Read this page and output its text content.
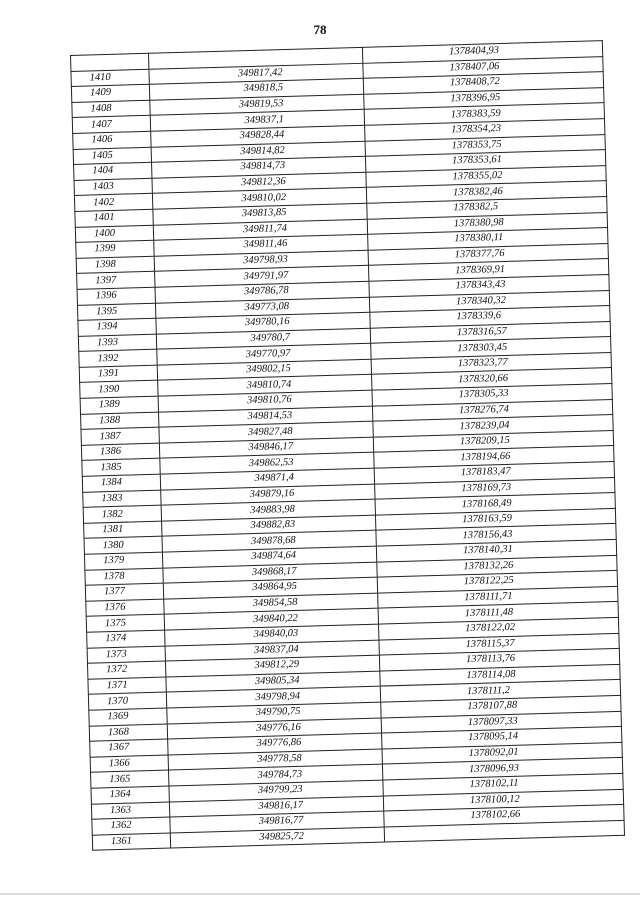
78
		1378404,93
1410	349817,42	1378407,06
1409	349818,5	1378408,72
1408	349819,53	1378396,95
1407	349837,1	1378383,59
1406	349828,44	1378354,23
1405	349814,82	1378353,75
1404	349814,73	1378353,61
1403	349812,36	1378355,02
1402	349810,02	1378382,46
1401	349813,85	1378382,5
1400	349811,74	1378380,98
1399	349811,46	1378380,11
1398	349798,93	1378377,76
1397	349791,97	1378369,91
1396	349786,78	1378343,43
1395	349773,08	1378340,32
1394	349780,16	1378339,6
1393	349780,7	1378316,57
1392	349770,97	1378303,45
1391	349802,15	1378323,77
1390	349810,74	1378320,66
1389	349810,76	1378305,33
1388	349814,53	1378276,74
1387	349827,48	1378239,04
1386	349846,17	1378209,15
1385	349862,53	1378194,66
1384	349871,4	1378183,47
1383	349879,16	1378169,73
1382	349883,98	1378168,49
1381	349882,83	1378163,59
1380	349878,68	1378156,43
1379	349874,64	1378140,31
1378	349868,17	1378132,26
1377	349864,95	1378122,25
1376	349854,58	1378111,71
1375	349840,22	1378111,48
1374	349840,03	1378122,02
1373	349837,04	1378115,37
1372	349812,29	1378113,76
1371	349805,34	1378114,08
1370	349798,94	1378111,2
1369	349790,75	1378107,88
1368	349776,16	1378097,33
1367	349776,86	1378095,14
1366	349778,58	1378092,01
1365	349784,73	1378096,93
1364	349799,23	1378102,11
1363	349816,17	1378100,12
1362	349816,77	1378102,66
1361	349825,72	
